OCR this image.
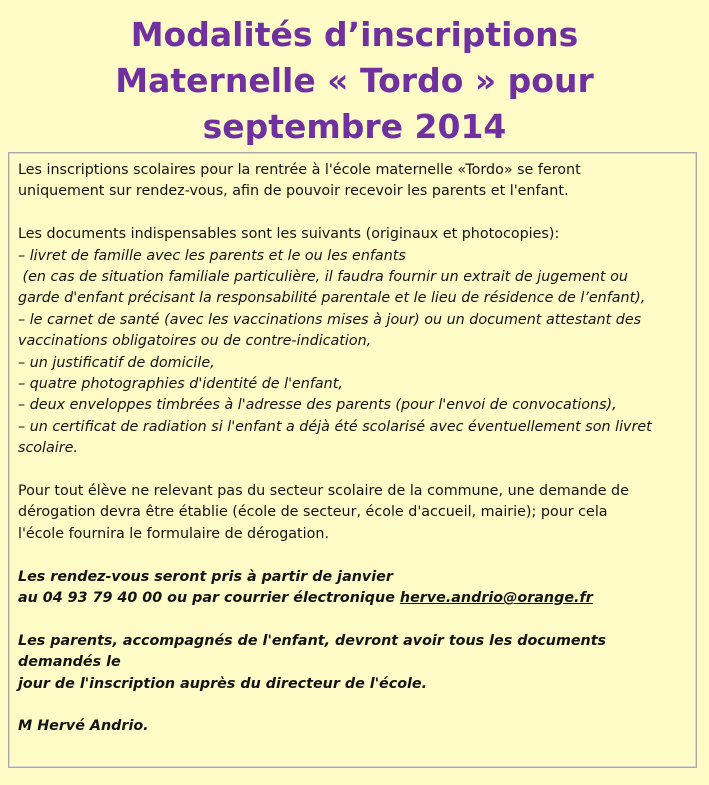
Modalités d’inscriptions
Maternelle « Tordo » pour
septembre 2014

Les inscriptions scolaires pour la rentrée à l'école maternelle «Tordo» se feront

uniquement sur rendez-vous, afin de pouvoir recevoir les parents et l'enfant.

Les documents indispensables sont les suivants (originaux et photocopies):

– livret de famille avec les parents et le ou les enfants

(en cas de situation familiale particulière, il faudra fournir un extrait de jugement ou

garde d'enfant précisant la responsabilité parentale et le lieu de résidence de l’enfant),

– le carnet de santé (avec les vaccinations mises à jour) ou un document attestant des

vaccinations obligatoires ou de contre-indication,

– un justificatif de domicile,

– quatre photographies d'identité de l'enfant,

– deux enveloppes timbrées à l'adresse des parents (pour l'envoi de convocations),

– un certificat de radiation si l'enfant a déjà été scolarisé avec éventuellement son livret

scolaire.

Pour tout élève ne relevant pas du secteur scolaire de la commune, une demande de

dérogation devra être établie (école de secteur, école d'accueil, mairie); pour cela

l'école fournira le formulaire de dérogation.

Les rendez-vous seront pris à partir de janvier

au 04 93 79 40 00 ou par courrier électronique herve.andrio@orange.fr

Les parents, accompagnés de l'enfant, devront avoir tous les documents demandés le

jour de l'inscription auprès du directeur de l'école.

M Hervé Andrio.
